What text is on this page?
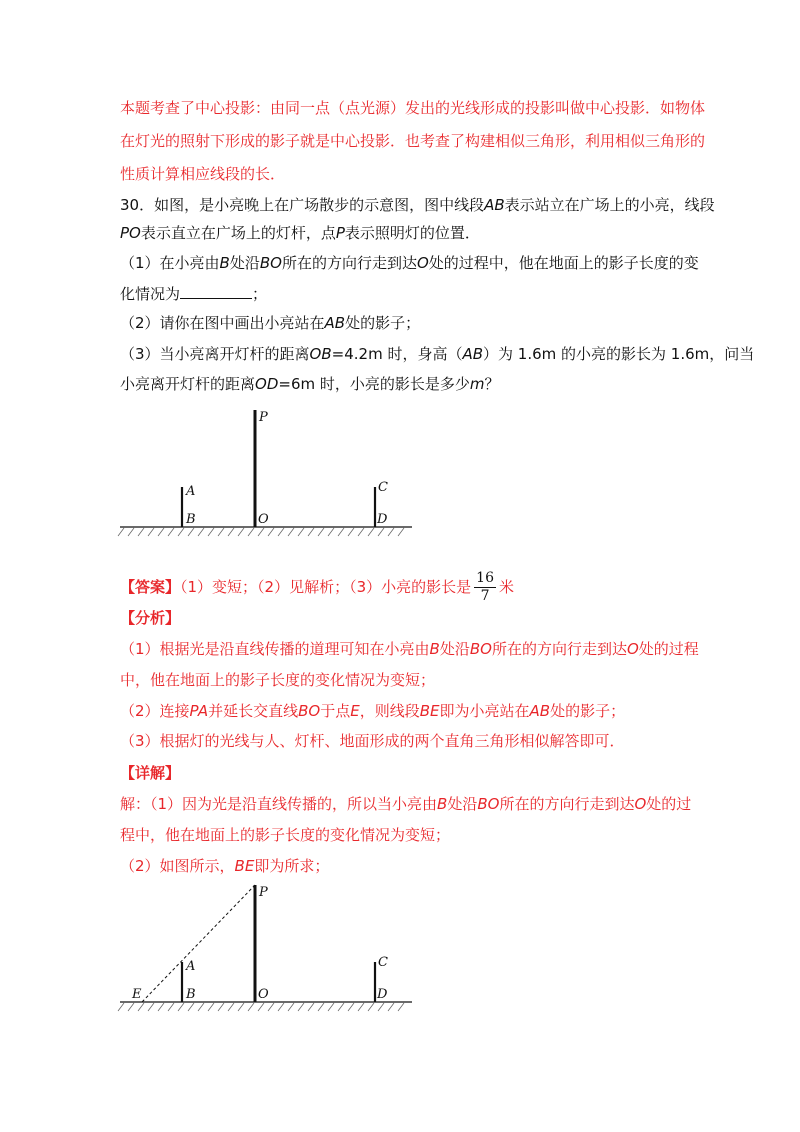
本题考查了中心投影：由同一点（点光源）发出的光线形成的投影叫做中心投影．如物体
在灯光的照射下形成的影子就是中心投影．也考查了构建相似三角形，利用相似三角形的
性质计算相应线段的长．
30．如图，是小亮晚上在广场散步的示意图，图中线段AB表示站立在广场上的小亮，线段
PO表示直立在广场上的灯杆，点P表示照明灯的位置．
（1）在小亮由B处沿BO所在的方向行走到达O处的过程中，他在地面上的影子长度的变
化情况为	；
（2）请你在图中画出小亮站在AB处的影子；
（3）当小亮离开灯杆的距离OB=4.2m 时，身高（AB）为 1.6m 的小亮的影长为 1.6m，问当
小亮离开灯杆的距离OD=6m 时，小亮的影长是多少m？
P
A
B	O
C
D
【答案】（1）变短；（2）见解析；（3）小亮的影长是 $\frac{16}{7}$ 米
【分析】
（1）根据光是沿直线传播的道理可知在小亮由B处沿BO所在的方向行走到达O处的过程
中，他在地面上的影子长度的变化情况为变短；
（2）连接PA并延长交直线BO于点E，则线段BE即为小亮站在AB处的影子；
（3）根据灯的光线与人、灯杆、地面形成的两个直角三角形相似解答即可．
【详解】
解：（1）因为光是沿直线传播的，所以当小亮由B处沿BO所在的方向行走到达O处的过
程中，他在地面上的影子长度的变化情况为变短；
（2）如图所示，BE即为所求；
P
A
B	O
C
D
E
